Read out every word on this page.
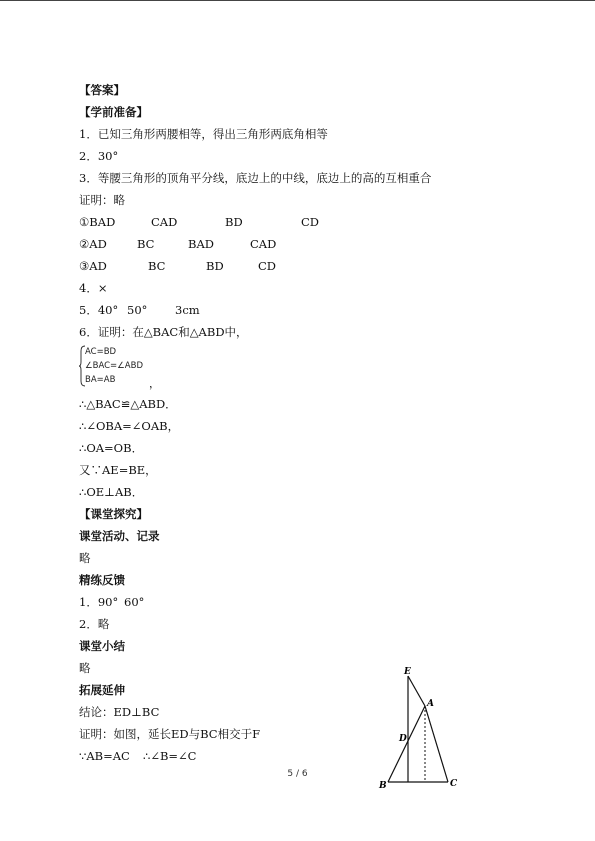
【答案】
【学前准备】
1．已知三角形两腰相等，得出三角形两底角相等
2．30°
3．等腰三角形的顶角平分线，底边上的中线，底边上的高的互相重合
证明：略
①BAD	CAD	BD	CD
②AD	BC	BAD	CAD
③AD	BC	BD	CD
4．×
5．40° 50° 3cm
6．证明：在△BAC和△ABD中，
AC=BD
∠BAC=∠ABD
BA=AB	，
∴△BAC≌△ABD．
∴∠OBA=∠OAB，
∴OA=OB．
又∵AE=BE，
∴OE⊥AB．
【课堂探究】
课堂活动、记录
略
精练反馈
1．90° 60°
2．略
课堂小结
略
拓展延伸
结论：ED⊥BC
证明：如图，延长ED与BC相交于F
∵AB=AC ∴∠B=∠C
E
A
D
B	C
5 / 6
